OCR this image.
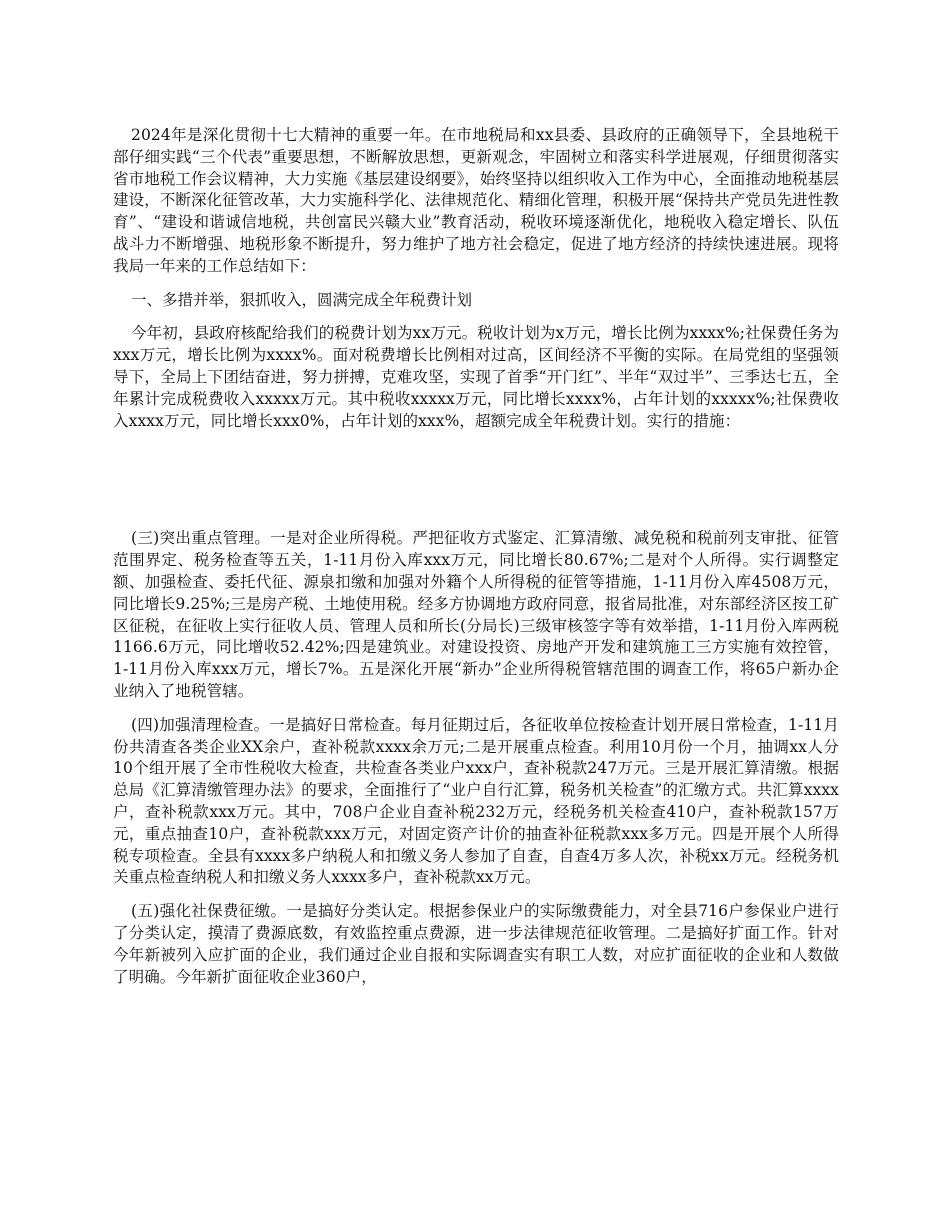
2024年是深化贯彻十七大精神的重要一年。在市地税局和xx县委、县政府的正确领导下，全县地税干部仔细实践“三个代表”重要思想，不断解放思想，更新观念，牢固树立和落实科学进展观，仔细贯彻落实省市地税工作会议精神，大力实施《基层建设纲要》，始终坚持以组织收入工作为中心，全面推动地税基层建设，不断深化征管改革，大力实施科学化、法律规范化、精细化管理，积极开展“保持共产党员先进性教育”、“建设和谐诚信地税，共创富民兴赣大业”教育活动，税收环境逐渐优化，地税收入稳定增长、队伍战斗力不断增强、地税形象不断提升，努力维护了地方社会稳定，促进了地方经济的持续快速进展。现将我局一年来的工作总结如下：

一、多措并举，狠抓收入，圆满完成全年税费计划

今年初，县政府核配给我们的税费计划为xx万元。税收计划为x万元，增长比例为xxxx%;社保费任务为xxx万元，增长比例为xxxx%。面对税费增长比例相对过高，区间经济不平衡的实际。在局党组的坚强领导下，全局上下团结奋进，努力拼搏，克难攻坚，实现了首季“开门红”、半年“双过半”、三季达七五，全年累计完成税费收入xxxxx万元。其中税收xxxxx万元，同比增长xxxx%，占年计划的xxxxx%;社保费收入xxxx万元，同比增长xxx0%，占年计划的xxx%，超额完成全年税费计划。实行的措施：

(三)突出重点管理。一是对企业所得税。严把征收方式鉴定、汇算清缴、减免税和税前列支审批、征管范围界定、税务检查等五关，1-11月份入库xxx万元，同比增长80.67%;二是对个人所得。实行调整定额、加强检查、委托代征、源泉扣缴和加强对外籍个人所得税的征管等措施，1-11月份入库4508万元，同比增长9.25%;三是房产税、土地使用税。经多方协调地方政府同意，报省局批准，对东部经济区按工矿区征税，在征收上实行征收人员、管理人员和所长(分局长)三级审核签字等有效举措，1-11月份入库两税1166.6万元，同比增收52.42%;四是建筑业。对建设投资、房地产开发和建筑施工三方实施有效控管，1-11月份入库xxx万元，增长7%。五是深化开展“新办”企业所得税管辖范围的调查工作，将65户新办企业纳入了地税管辖。

(四)加强清理检查。一是搞好日常检查。每月征期过后，各征收单位按检查计划开展日常检查，1-11月份共清查各类企业XX余户，查补税款xxxx余万元;二是开展重点检查。利用10月份一个月，抽调xx人分10个组开展了全市性税收大检查，共检查各类业户xxx户，查补税款247万元。三是开展汇算清缴。根据总局《汇算清缴管理办法》的要求，全面推行了“业户自行汇算，税务机关检查”的汇缴方式。共汇算xxxx户，查补税款xxx万元。其中，708户企业自查补税232万元，经税务机关检查410户，查补税款157万元，重点抽查10户，查补税款xxx万元，对固定资产计价的抽查补征税款xxx多万元。四是开展个人所得税专项检查。全县有xxxx多户纳税人和扣缴义务人参加了自查，自查4万多人次，补税xx万元。经税务机关重点检查纳税人和扣缴义务人xxxx多户，查补税款xx万元。

(五)强化社保费征缴。一是搞好分类认定。根据参保业户的实际缴费能力，对全县716户参保业户进行了分类认定，摸清了费源底数，有效监控重点费源，进一步法律规范征收管理。二是搞好扩面工作。针对今年新被列入应扩面的企业，我们通过企业自报和实际调查实有职工人数，对应扩面征收的企业和人数做了明确。今年新扩面征收企业360户，
